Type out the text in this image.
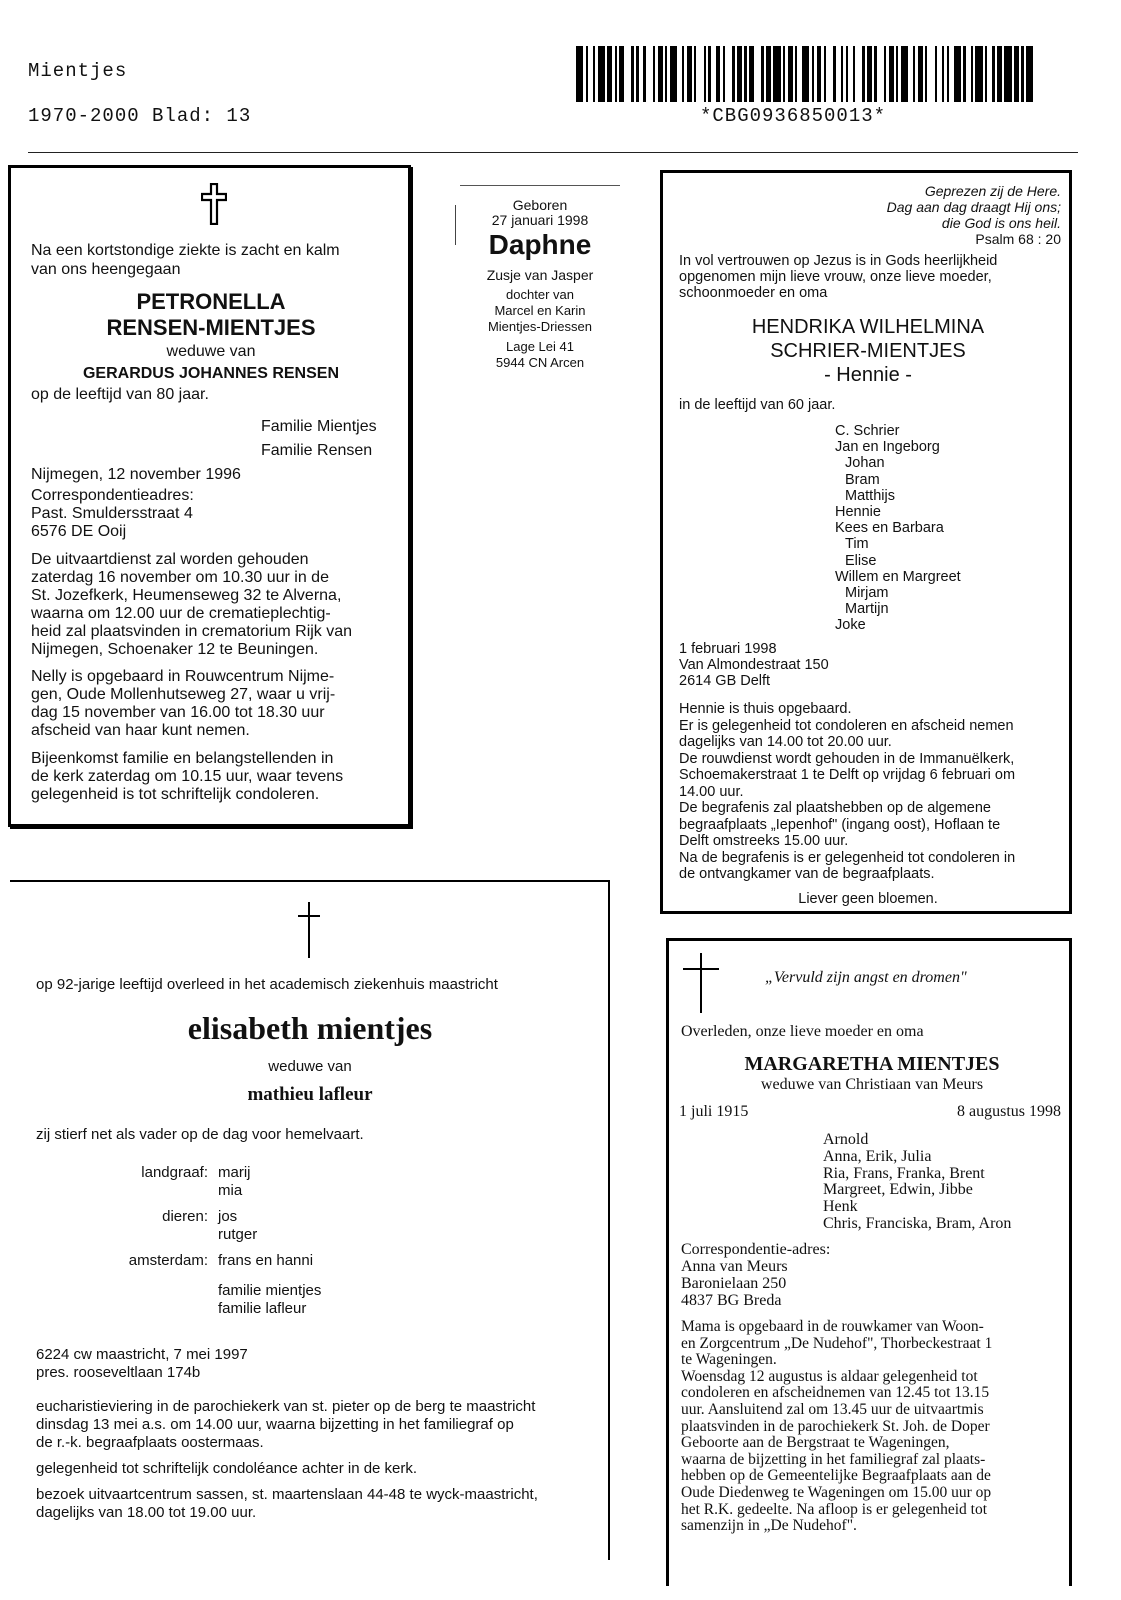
Mientjes
1970-2000 Blad: 13	*CBG0936850013*
Na een kortstondige ziekte is zacht en kalm
van ons heengegaan
PETRONELLA
RENSEN-MIENTJES
weduwe van
GERARDUS JOHANNES RENSEN
op de leeftijd van 80 jaar.
Familie Mientjes
Familie Rensen
Nijmegen, 12 november 1996
Correspondentieadres:
Past. Smuldersstraat 4
6576 DE Ooij
De uitvaartdienst zal worden gehouden
zaterdag 16 november om 10.30 uur in de
St. Jozefkerk, Heumenseweg 32 te Alverna,
waarna om 12.00 uur de crematieplechtig-
heid zal plaatsvinden in crematorium Rijk van
Nijmegen, Schoenaker 12 te Beuningen.
Nelly is opgebaard in Rouwcentrum Nijme-
gen, Oude Mollenhutseweg 27, waar u vrij-
dag 15 november van 16.00 tot 18.30 uur
afscheid van haar kunt nemen.
Bijeenkomst familie en belangstellenden in
de kerk zaterdag om 10.15 uur, waar tevens
gelegenheid is tot schriftelijk condoleren.
Geboren
27 januari 1998
Daphne
Zusje van Jasper
dochter van
Marcel en Karin
Mientjes-Driessen
Lage Lei 41
5944 CN Arcen
Geprezen zij de Here.
Dag aan dag draagt Hij ons;
die God is ons heil.
Psalm 68 : 20
In vol vertrouwen op Jezus is in Gods heerlijkheid
opgenomen mijn lieve vrouw, onze lieve moeder,
schoonmoeder en oma
HENDRIKA WILHELMINA
SCHRIER-MIENTJES
- Hennie -
in de leeftijd van 60 jaar.
C. Schrier
Jan en Ingeborg
Johan
Bram
Matthijs
Hennie
Kees en Barbara
Tim
Elise
Willem en Margreet
Mirjam
Martijn
Joke
1 februari 1998
Van Almondestraat 150
2614 GB Delft
Hennie is thuis opgebaard.
Er is gelegenheid tot condoleren en afscheid nemen
dagelijks van 14.00 tot 20.00 uur.
De rouwdienst wordt gehouden in de Immanuëlkerk,
Schoemakerstraat 1 te Delft op vrijdag 6 februari om
14.00 uur.
De begrafenis zal plaatshebben op de algemene
begraafplaats „Iepenhof" (ingang oost), Hoflaan te
Delft omstreeks 15.00 uur.
Na de begrafenis is er gelegenheid tot condoleren in
de ontvangkamer van de begraafplaats.
Liever geen bloemen.
op 92-jarige leeftijd overleed in het academisch ziekenhuis maastricht
elisabeth mientjes
weduwe van
mathieu lafleur
zij stierf net als vader op de dag voor hemelvaart.
landgraaf: marij
mia
dieren: jos
rutger
amsterdam: frans en hanni
familie mientjes
familie lafleur
6224 cw maastricht, 7 mei 1997
pres. rooseveltlaan 174b
eucharistieviering in de parochiekerk van st. pieter op de berg te maastricht
dinsdag 13 mei a.s. om 14.00 uur, waarna bijzetting in het familiegraf op
de r.-k. begraafplaats oostermaas.
gelegenheid tot schriftelijk condoléance achter in de kerk.
bezoek uitvaartcentrum sassen, st. maartenslaan 44-48 te wyck-maastricht,
dagelijks van 18.00 tot 19.00 uur.
„Vervuld zijn angst en dromen"
Overleden, onze lieve moeder en oma
MARGARETHA MIENTJES
weduwe van Christiaan van Meurs
1 juli 1915	8 augustus 1998
Arnold
Anna, Erik, Julia
Ria, Frans, Franka, Brent
Margreet, Edwin, Jibbe
Henk
Chris, Franciska, Bram, Aron
Correspondentie-adres:
Anna van Meurs
Baronielaan 250
4837 BG Breda
Mama is opgebaard in de rouwkamer van Woon-
en Zorgcentrum „De Nudehof", Thorbeckestraat 1
te Wageningen.
Woensdag 12 augustus is aldaar gelegenheid tot
condoleren en afscheidnemen van 12.45 tot 13.15
uur. Aansluitend zal om 13.45 uur de uitvaartmis
plaatsvinden in de parochiekerk St. Joh. de Doper
Geboorte aan de Bergstraat te Wageningen,
waarna de bijzetting in het familiegraf zal plaats-
hebben op de Gemeentelijke Begraafplaats aan de
Oude Diedenweg te Wageningen om 15.00 uur op
het R.K. gedeelte. Na afloop is er gelegenheid tot
samenzijn in „De Nudehof".
